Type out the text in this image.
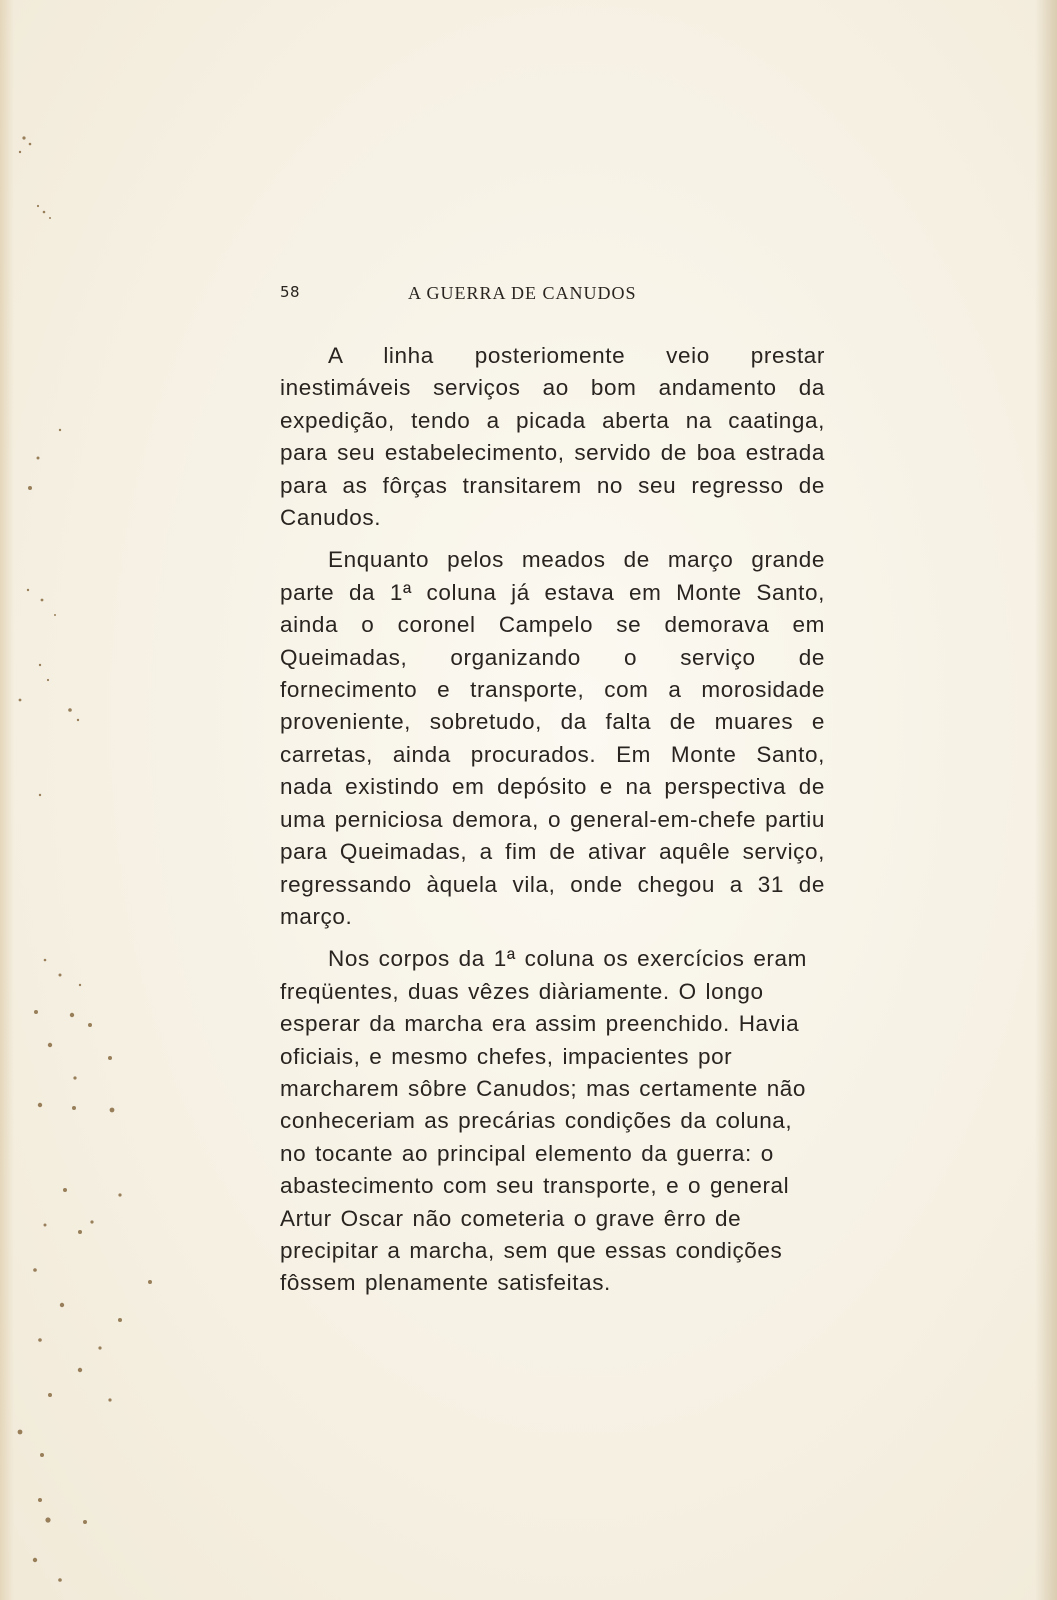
58	A GUERRA DE CANUDOS

A linha posteriomente veio prestar inestimáveis serviços ao bom andamento da expedição, tendo a picada aberta na caatinga, para seu estabelecimento, servido de boa estrada para as fôrças transitarem no seu regresso de Canudos.

Enquanto pelos meados de março grande parte da 1ª coluna já estava em Monte Santo, ainda o coronel Campelo se demorava em Queimadas, organizando o serviço de fornecimento e transporte, com a morosidade proveniente, sobretudo, da falta de muares e carretas, ainda procurados. Em Monte Santo, nada existindo em depósito e na perspectiva de uma perniciosa demora, o general-em-chefe partiu para Queimadas, a fim de ativar aquêle serviço, regressando àquela vila, onde chegou a 31 de março.

Nos corpos da 1ª coluna os exercícios eram freqüentes, duas vêzes diàriamente. O longo esperar da marcha era assim preenchido. Havia oficiais, e mesmo chefes, impacientes por marcharem sôbre Canudos; mas certamente não conheceriam as precárias condições da coluna, no tocante ao principal elemento da guerra: o abastecimento com seu transporte, e o general Artur Oscar não cometeria o grave êrro de precipitar a marcha, sem que essas condições fôssem plenamente satisfeitas.
